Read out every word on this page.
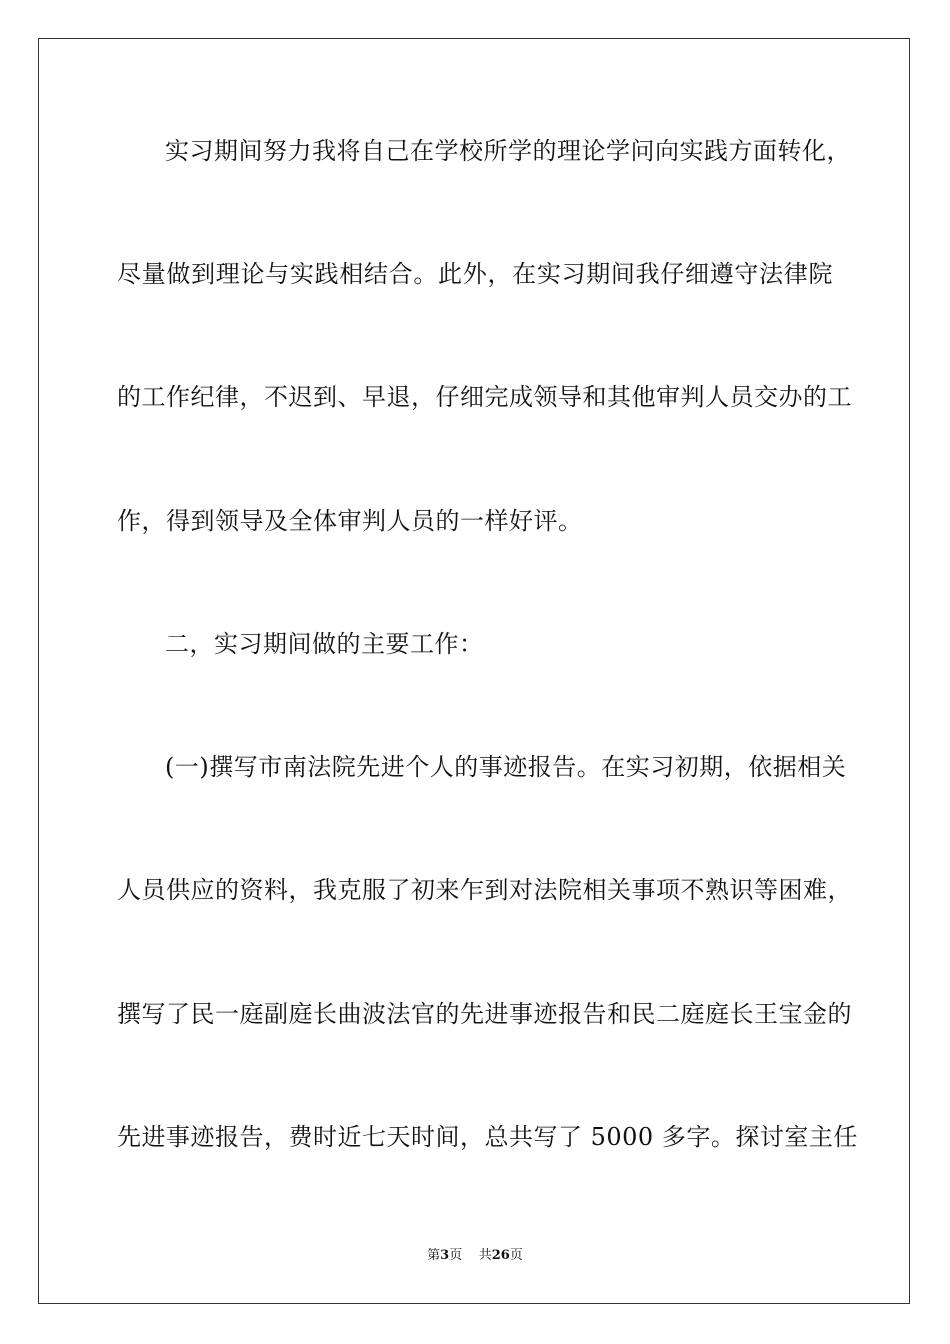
实习期间努力我将自己在学校所学的理论学问向实践方面转化，
尽量做到理论与实践相结合。此外，在实习期间我仔细遵守法律院
的工作纪律，不迟到、早退，仔细完成领导和其他审判人员交办的工
作，得到领导及全体审判人员的一样好评。
二，实习期间做的主要工作：
(一)撰写市南法院先进个人的事迹报告。在实习初期，依据相关
人员供应的资料，我克服了初来乍到对法院相关事项不熟识等困难，
撰写了民一庭副庭长曲波法官的先进事迹报告和民二庭庭长王宝金的
先进事迹报告，费时近七天时间，总共写了 5000 多字。探讨室主任
第3页    共26页
